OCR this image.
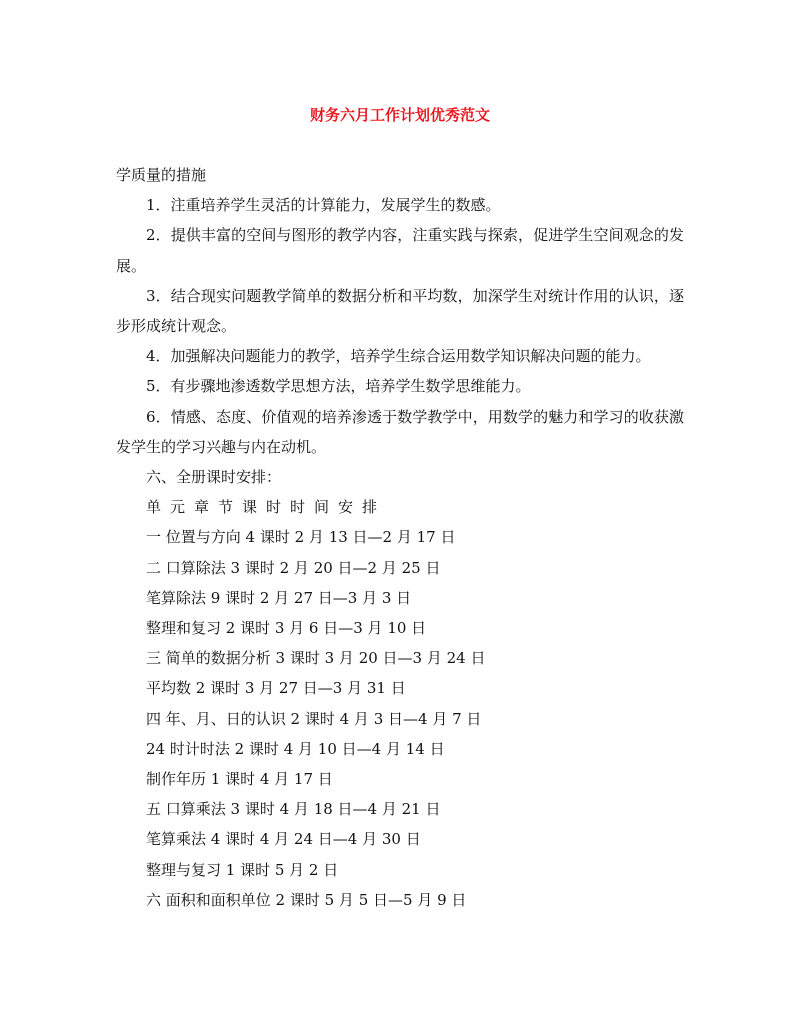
财务六月工作计划优秀范文

学质量的措施

1．注重培养学生灵活的计算能力，发展学生的数感。

2．提供丰富的空间与图形的教学内容，注重实践与探索，促进学生空间观念的发展。

3．结合现实问题教学简单的数据分析和平均数，加深学生对统计作用的认识，逐步形成统计观念。

4．加强解决问题能力的教学，培养学生综合运用数学知识解决问题的能力。

5．有步骤地渗透数学思想方法，培养学生数学思维能力。

6．情感、态度、价值观的培养渗透于数学教学中，用数学的魅力和学习的收获激发学生的学习兴趣与内在动机。

六、全册课时安排：

单元章节课时时间安排

一 位置与方向 4 课时 2 月 13 日—2 月 17 日

二 口算除法 3 课时 2 月 20 日—2 月 25 日

笔算除法 9 课时 2 月 27 日—3 月 3 日

整理和复习 2 课时 3 月 6 日—3 月 10 日

三 简单的数据分析 3 课时 3 月 20 日—3 月 24 日

平均数 2 课时 3 月 27 日—3 月 31 日

四 年、月、日的认识 2 课时 4 月 3 日—4 月 7 日

24 时计时法 2 课时 4 月 10 日—4 月 14 日

制作年历 1 课时 4 月 17 日

五 口算乘法 3 课时 4 月 18 日—4 月 21 日

笔算乘法 4 课时 4 月 24 日—4 月 30 日

整理与复习 1 课时 5 月 2 日

六 面积和面积单位 2 课时 5 月 5 日—5 月 9 日
